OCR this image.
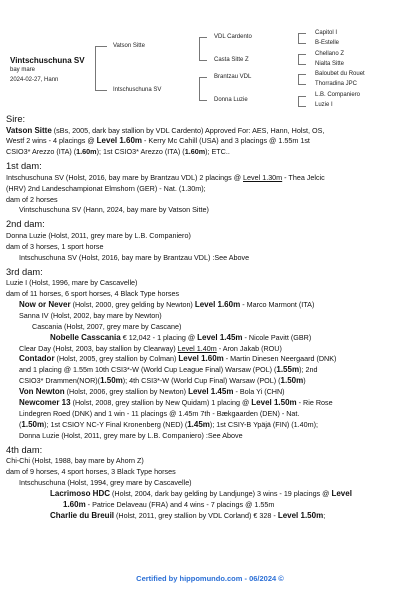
Vintschuschuna SV
bay mare
2024-02-27, Hann
Vatson Sitte
Intschuschuna SV
VDL Cardento
Casta Sitte Z
Brantzau VDL
Donna Luzie
Capitol I
B-Estelle
Chellano Z
Nialta Sitte
Baloubet du Rouet
Thorradina JPC
L.B. Companiero
Luzie I

Sire:

Vatson Sitte (sBs, 2005, dark bay stallion by VDL Cardento) Approved For: AES, Hann, Holst, OS,

Westf 2 wins - 4 placings @ Level 1.60m - Kerry Mc Cahill (USA) and 3 placings @ 1.55m 1st

CSIO3* Arezzo (ITA) (1.60m); 1st CSIO3* Arezzo (ITA) (1.60m); ETC..

1st dam:

Intschuschuna SV (Holst, 2016, bay mare by Brantzau VDL) 2 placings @ Level 1.30m - Thea Jelcic

(HRV) 2nd Landeschampionat Elmshorn (GER) - Nat. (1.30m);

dam of 2 horses

Vintschuschuna SV (Hann, 2024, bay mare by Vatson Sitte)

2nd dam:

Donna Luzie (Holst, 2011, grey mare by L.B. Companiero)

dam of 3 horses, 1 sport horse

Intschuschuna SV (Holst, 2016, bay mare by Brantzau VDL) :See Above

3rd dam:

Luzie I (Holst, 1996, mare by Cascavelle)

dam of 11 horses, 6 sport horses, 4 Black Type horses

Now or Never (Holst, 2000, grey gelding by Newton) Level 1.60m - Marco Marmont (ITA)

Sanna IV (Holst, 2002, bay mare by Newton)

Cascania (Holst, 2007, grey mare by Cascane)

Nobelle Casscania € 12,042 - 1 placing @ Level 1.45m - Nicole Pavitt (GBR)

Clear Day (Holst, 2003, bay stallion by Clearway) Level 1.40m - Aron Jakab (ROU)

Contador (Holst, 2005, grey stallion by Colman) Level 1.60m - Martin Dinesen Neergaard (DNK)

and 1 placing @ 1.55m 10th CSI3*-W (World Cup League Final) Warsaw (POL) (1.55m); 2nd

CSIO3* Drammen(NOR)(1.50m); 4th CSI3*-W (World Cup Final) Warsaw (POL) (1.50m)

Von Newton (Holst, 2006, grey stallion by Newton) Level 1.45m - Bola Yi (CHN)

Newcomer 13 (Holst, 2008, grey stallion by New Quidam) 1 placing @ Level 1.50m - Rie Rose

Lindegren Roed (DNK) and 1 win - 11 placings @ 1.45m 7th - Bækgaarden (DEN) - Nat.

(1.50m); 1st CSIOY NC-Y Final Kronenberg (NED) (1.45m); 1st CSIY-B Ypäjä (FIN) (1.40m);

Donna Luzie (Holst, 2011, grey mare by L.B. Companiero) :See Above

4th dam:

Chi-Chi (Holst, 1988, bay mare by Ahorn Z)

dam of 9 horses, 4 sport horses, 3 Black Type horses

Intschuschuna (Holst, 1994, grey mare by Cascavelle)

Lacrimoso HDC (Holst, 2004, dark bay gelding by Landjunge) 3 wins - 19 placings @ Level

1.60m - Patrice Delaveau (FRA) and 4 wins - 7 placings @ 1.55m

Charlie du Breuil (Holst, 2011, grey stallion by VDL Corland) € 328 - Level 1.50m;

Certified by hippomundo.com - 06/2024 ©
